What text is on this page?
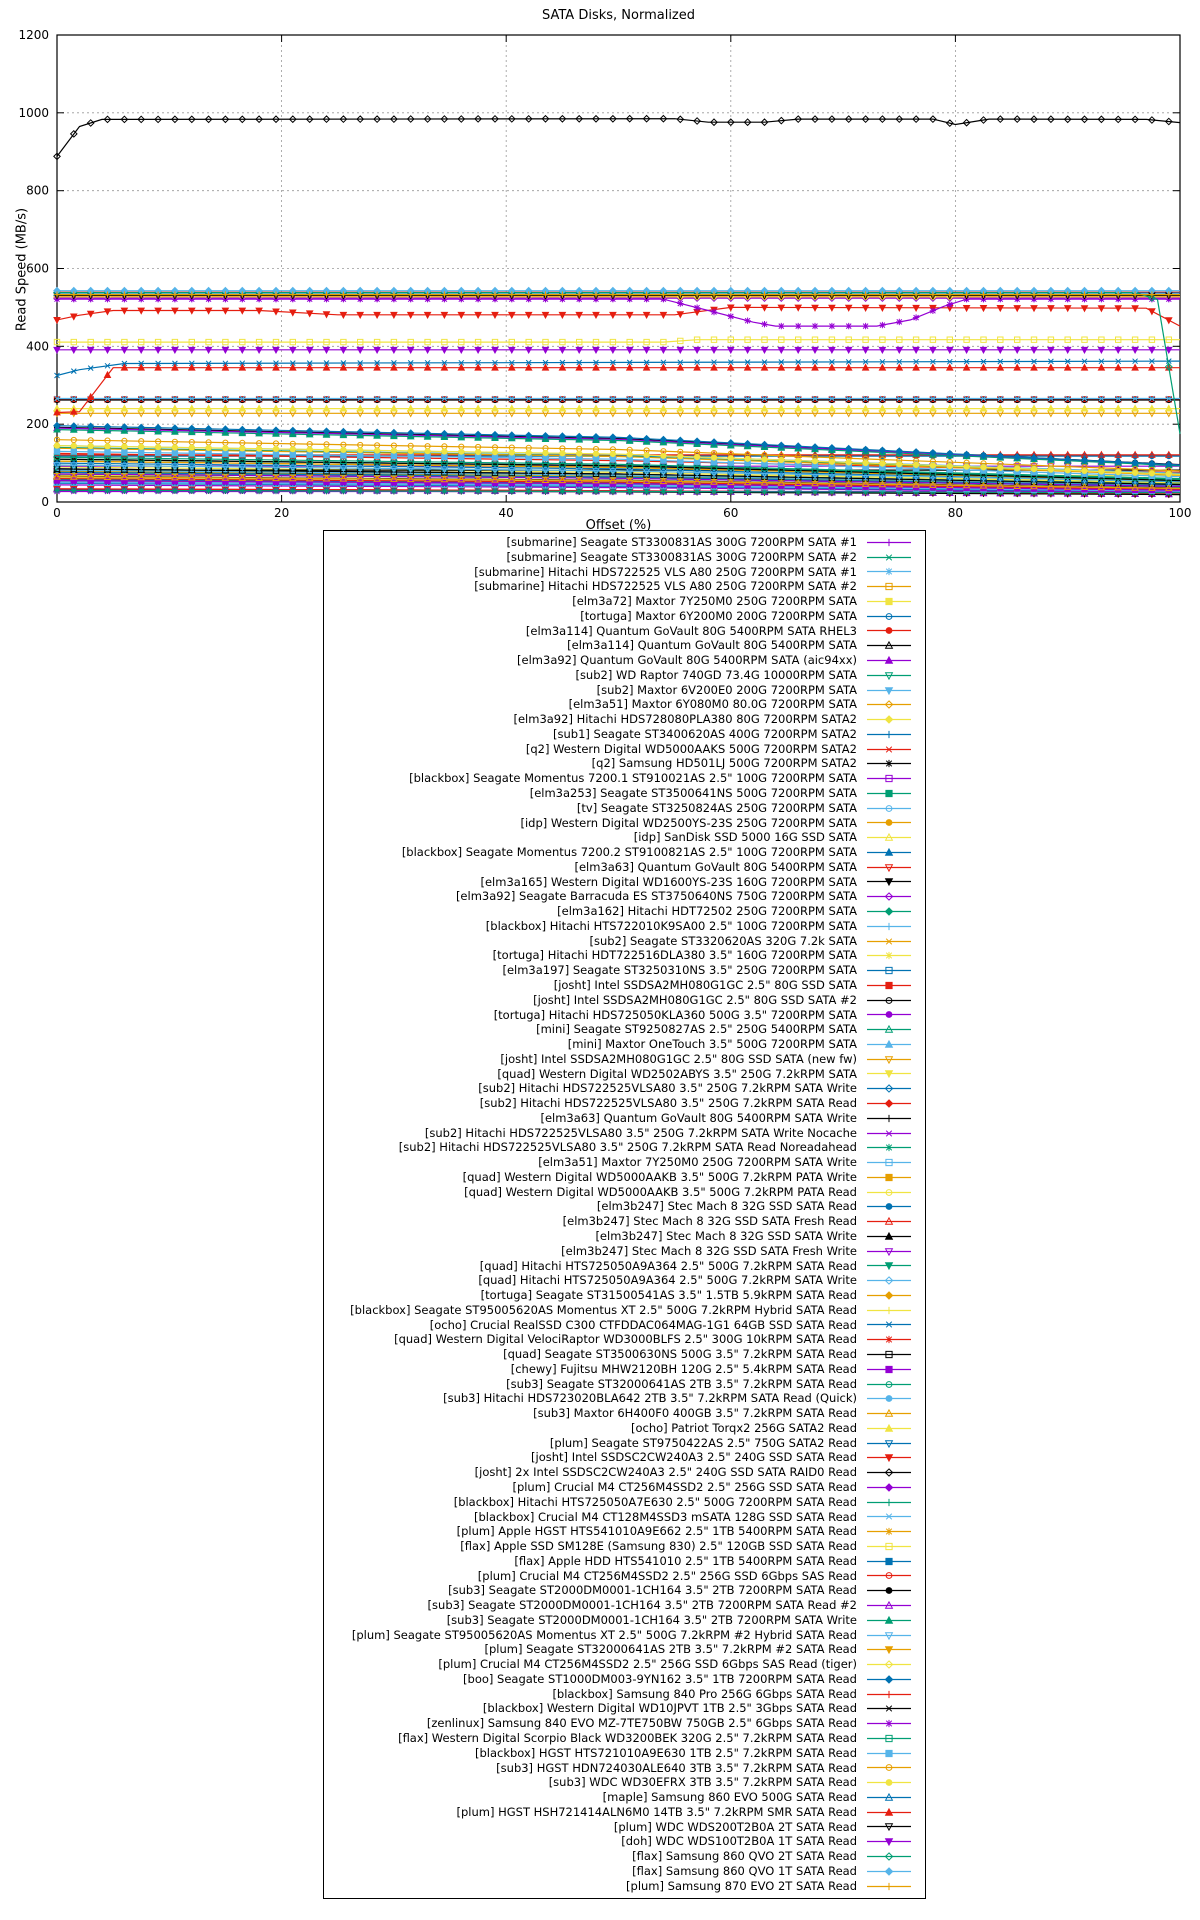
SATA Disks, Normalized
Read Speed (MB/s)
0
200
400
600
800
1000
1200
0	20	40	60	80	100
Offset (%)
[submarine] Seagate ST3300831AS 300G 7200RPM SATA #1
[submarine] Seagate ST3300831AS 300G 7200RPM SATA #2
[submarine] Hitachi HDS722525 VLS A80 250G 7200RPM SATA #1
[submarine] Hitachi HDS722525 VLS A80 250G 7200RPM SATA #2
[elm3a72] Maxtor 7Y250M0 250G 7200RPM SATA
[tortuga] Maxtor 6Y200M0 200G 7200RPM SATA
[elm3a114] Quantum GoVault 80G 5400RPM SATA RHEL3
[elm3a114] Quantum GoVault 80G 5400RPM SATA
[elm3a92] Quantum GoVault 80G 5400RPM SATA (aic94xx)
[sub2] WD Raptor 740GD 73.4G 10000RPM SATA
[sub2] Maxtor 6V200E0 200G 7200RPM SATA
[elm3a51] Maxtor 6Y080M0 80.0G 7200RPM SATA
[elm3a92] Hitachi HDS728080PLA380 80G 7200RPM SATA2
[sub1] Seagate ST3400620AS 400G 7200RPM SATA2
[q2] Western Digital WD5000AAKS 500G 7200RPM SATA2
[q2] Samsung HD501LJ 500G 7200RPM SATA2
[blackbox] Seagate Momentus 7200.1 ST910021AS 2.5" 100G 7200RPM SATA
[elm3a253] Seagate ST3500641NS 500G 7200RPM SATA
[tv] Seagate ST3250824AS 250G 7200RPM SATA
[idp] Western Digital WD2500YS-23S 250G 7200RPM SATA
[idp] SanDisk SSD 5000 16G SSD SATA
[blackbox] Seagate Momentus 7200.2 ST9100821AS 2.5" 100G 7200RPM SATA
[elm3a63] Quantum GoVault 80G 5400RPM SATA
[elm3a165] Western Digital WD1600YS-23S 160G 7200RPM SATA
[elm3a92] Seagate Barracuda ES ST3750640NS 750G 7200RPM SATA
[elm3a162] Hitachi HDT72502 250G 7200RPM SATA
[blackbox] Hitachi HTS722010K9SA00 2.5" 100G 7200RPM SATA
[sub2] Seagate ST3320620AS 320G 7.2k SATA
[tortuga] Hitachi HDT722516DLA380 3.5" 160G 7200RPM SATA
[elm3a197] Seagate ST3250310NS 3.5" 250G 7200RPM SATA
[josht] Intel SSDSA2MH080G1GC 2.5" 80G SSD SATA
[josht] Intel SSDSA2MH080G1GC 2.5" 80G SSD SATA #2
[tortuga] Hitachi HDS725050KLA360 500G 3.5" 7200RPM SATA
[mini] Seagate ST9250827AS 2.5" 250G 5400RPM SATA
[mini] Maxtor OneTouch 3.5" 500G 7200RPM SATA
[josht] Intel SSDSA2MH080G1GC 2.5" 80G SSD SATA (new fw)
[quad] Western Digital WD2502ABYS 3.5" 250G 7.2kRPM SATA
[sub2] Hitachi HDS722525VLSA80 3.5" 250G 7.2kRPM SATA Write
[sub2] Hitachi HDS722525VLSA80 3.5" 250G 7.2kRPM SATA Read
[elm3a63] Quantum GoVault 80G 5400RPM SATA Write
[sub2] Hitachi HDS722525VLSA80 3.5" 250G 7.2kRPM SATA Write Nocache
[sub2] Hitachi HDS722525VLSA80 3.5" 250G 7.2kRPM SATA Read Noreadahead
[elm3a51] Maxtor 7Y250M0 250G 7200RPM SATA Write
[quad] Western Digital WD5000AAKB 3.5" 500G 7.2kRPM PATA Write
[quad] Western Digital WD5000AAKB 3.5" 500G 7.2kRPM PATA Read
[elm3b247] Stec Mach 8 32G SSD SATA Read
[elm3b247] Stec Mach 8 32G SSD SATA Fresh Read
[elm3b247] Stec Mach 8 32G SSD SATA Write
[elm3b247] Stec Mach 8 32G SSD SATA Fresh Write
[quad] Hitachi HTS725050A9A364 2.5" 500G 7.2kRPM SATA Read
[quad] Hitachi HTS725050A9A364 2.5" 500G 7.2kRPM SATA Write
[tortuga] Seagate ST31500541AS 3.5" 1.5TB 5.9kRPM SATA Read
[blackbox] Seagate ST95005620AS Momentus XT 2.5" 500G 7.2kRPM Hybrid SATA Read
[ocho] Crucial RealSSD C300 CTFDDAC064MAG-1G1 64GB SSD SATA Read
[quad] Western Digital VelociRaptor WD3000BLFS 2.5" 300G 10kRPM SATA Read
[quad] Seagate ST3500630NS 500G 3.5" 7.2kRPM SATA Read
[chewy] Fujitsu MHW2120BH 120G 2.5" 5.4kRPM SATA Read
[sub3] Seagate ST32000641AS 2TB 3.5" 7.2kRPM SATA Read
[sub3] Hitachi HDS723020BLA642 2TB 3.5" 7.2kRPM SATA Read (Quick)
[sub3] Maxtor 6H400F0 400GB 3.5" 7.2kRPM SATA Read
[ocho] Patriot Torqx2 256G SATA2 Read
[plum] Seagate ST9750422AS 2.5" 750G SATA2 Read
[josht] Intel SSDSC2CW240A3 2.5" 240G SSD SATA Read
[josht] 2x Intel SSDSC2CW240A3 2.5" 240G SSD SATA RAID0 Read
[plum] Crucial M4 CT256M4SSD2 2.5" 256G SSD SATA Read
[blackbox] Hitachi HTS725050A7E630 2.5" 500G 7200RPM SATA Read
[blackbox] Crucial M4 CT128M4SSD3 mSATA 128G SSD SATA Read
[plum] Apple HGST HTS541010A9E662 2.5" 1TB 5400RPM SATA Read
[flax] Apple SSD SM128E (Samsung 830) 2.5" 120GB SSD SATA Read
[flax] Apple HDD HTS541010 2.5" 1TB 5400RPM SATA Read
[plum] Crucial M4 CT256M4SSD2 2.5" 256G SSD 6Gbps SAS Read
[sub3] Seagate ST2000DM0001-1CH164 3.5" 2TB 7200RPM SATA Read
[sub3] Seagate ST2000DM0001-1CH164 3.5" 2TB 7200RPM SATA Read #2
[sub3] Seagate ST2000DM0001-1CH164 3.5" 2TB 7200RPM SATA Write
[plum] Seagate ST95005620AS Momentus XT 2.5" 500G 7.2kRPM #2 Hybrid SATA Read
[plum] Seagate ST32000641AS 2TB 3.5" 7.2kRPM #2 SATA Read
[plum] Crucial M4 CT256M4SSD2 2.5" 256G SSD 6Gbps SAS Read (tiger)
[boo] Seagate ST1000DM003-9YN162 3.5" 1TB 7200RPM SATA Read
[blackbox] Samsung 840 Pro 256G 6Gbps SATA Read
[blackbox] Western Digital WD10JPVT 1TB 2.5" 3Gbps SATA Read
[zenlinux] Samsung 840 EVO MZ-7TE750BW 750GB 2.5" 6Gbps SATA Read
[flax] Western Digital Scorpio Black WD3200BEK 320G 2.5" 7.2kRPM SATA Read
[blackbox] HGST HTS721010A9E630 1TB 2.5" 7.2kRPM SATA Read
[sub3] HGST HDN724030ALE640 3TB 3.5" 7.2kRPM SATA Read
[sub3] WDC WD30EFRX 3TB 3.5" 7.2kRPM SATA Read
[maple] Samsung 860 EVO 500G SATA Read
[plum] HGST HSH721414ALN6M0 14TB 3.5" 7.2kRPM SMR SATA Read
[plum] WDC WDS200T2B0A 2T SATA Read
[doh] WDC WDS100T2B0A 1T SATA Read
[flax] Samsung 860 QVO 2T SATA Read
[flax] Samsung 860 QVO 1T SATA Read
[plum] Samsung 870 EVO 2T SATA Read
